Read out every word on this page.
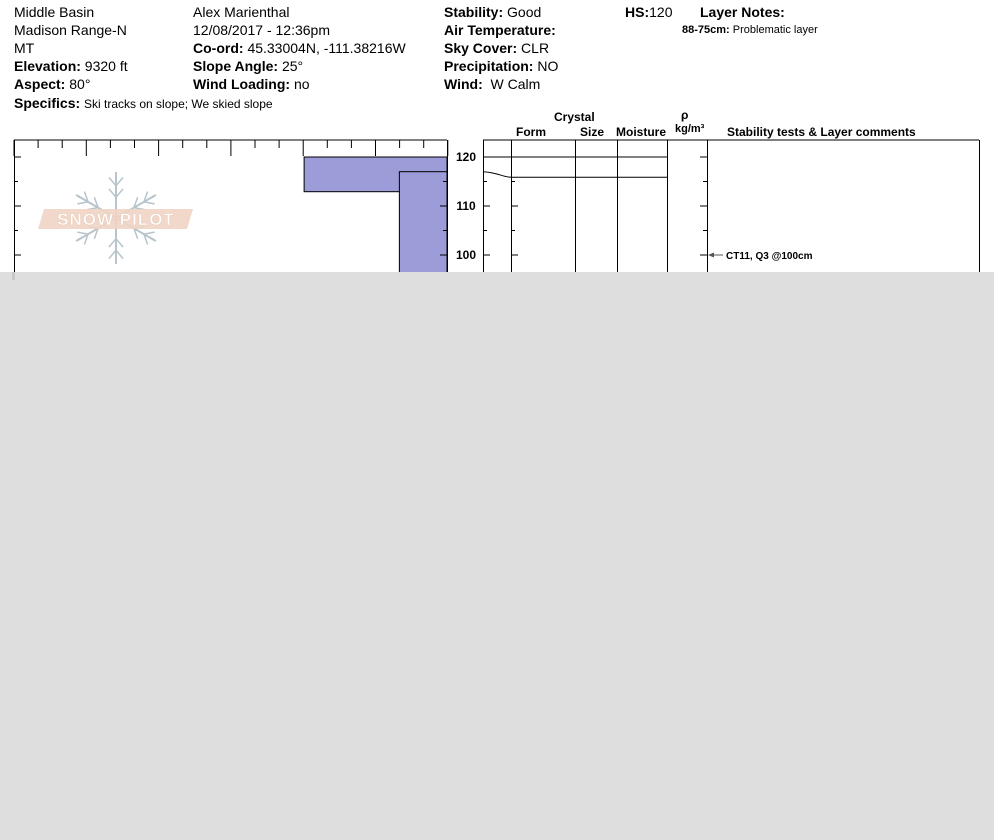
Middle Basin
Madison Range-N
MT
Elevation: 9320 ft
Aspect: 80°
Specifics: Ski tracks on slope; We skied slope
Alex Marienthal
12/08/2017 - 12:36pm
Co-ord: 45.33004N, -111.38216W
Slope Angle: 25°
Wind Loading: no
Stability: Good
Air Temperature:
Sky Cover: CLR
Precipitation: NO
Wind: W Calm
HS:120 Layer Notes:
88-75cm: Problematic layer
Crystal
Form	Size Moisture
ρ
kg/m³ Stability tests & Layer comments
SNOW PILOT
100
110
120
CT11, Q3 @100cm
